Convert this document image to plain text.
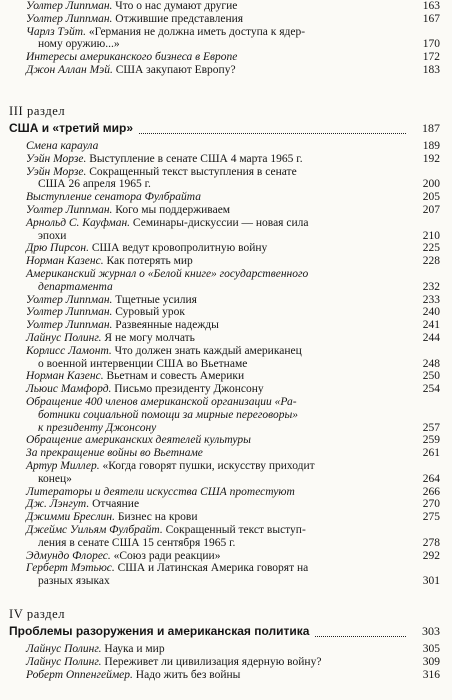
Уолтер Липпман. Что о нас думают другие	163
Уолтер Липпман. Отжившие представления	167
Чарлз Тэйт. «Германия не должна иметь доступа к ядер-
ному оружию...»	170
Интересы американского бизнеса в Европе	172
Джон Аллан Мэй. США закупают Европу?	183
III раздел
США и «третий мир»	187
Смена караула	189
Уэйн Морзе. Выступление в сенате США 4 марта 1965 г.	192
Уэйн Морзе. Сокращенный текст выступления в сенате
США 26 апреля 1965 г.	200
Выступление сенатора Фулбрайта	205
Уолтер Липпман. Кого мы поддерживаем	207
Арнольд С. Кауфман. Семинары-дискуссии — новая сила
эпохи	210
Дрю Пирсон. США ведут кровопролитную войну	225
Норман Казенс. Как потерять мир	228
Американский журнал о «Белой книге» государственного
департамента	232
Уолтер Липпман. Тщетные усилия	233
Уолтер Липпман. Суровый урок	240
Уолтер Липпман. Развеянные надежды	241
Лайнус Полинг. Я не могу молчать	244
Корлисс Ламонт. Что должен знать каждый американец
о военной интервенции США во Вьетнаме	248
Норман Казенс. Вьетнам и совесть Америки	250
Льюис Мамфорд. Письмо президенту Джонсону	254
Обращение 400 членов американской организации «Ра-
ботники социальной помощи за мирные переговоры»
к президенту Джонсону	257
Обращение американских деятелей культуры	259
За прекращение войны во Вьетнаме	261
Артур Миллер. «Когда говорят пушки, искусству приходит
конец»	264
Литераторы и деятели искусства США протестуют	266
Дж. Лэнгут. Отчаяние	270
Джимми Бреслин. Бизнес на крови	275
Джеймс Уильям Фулбрайт. Сокращенный текст выступ-
ления в сенате США 15 сентября 1965 г.	278
Эдмундо Флорес. «Союз ради реакции»	292
Герберт Мэтьюс. США и Латинская Америка говорят на
разных языках	301
IV раздел
Проблемы разоружения и американская политика	303
Лайнус Полинг. Наука и мир	305
Лайнус Полинг. Переживет ли цивилизация ядерную войну?	309
Роберт Оппенгеймер. Надо жить без войны	316
